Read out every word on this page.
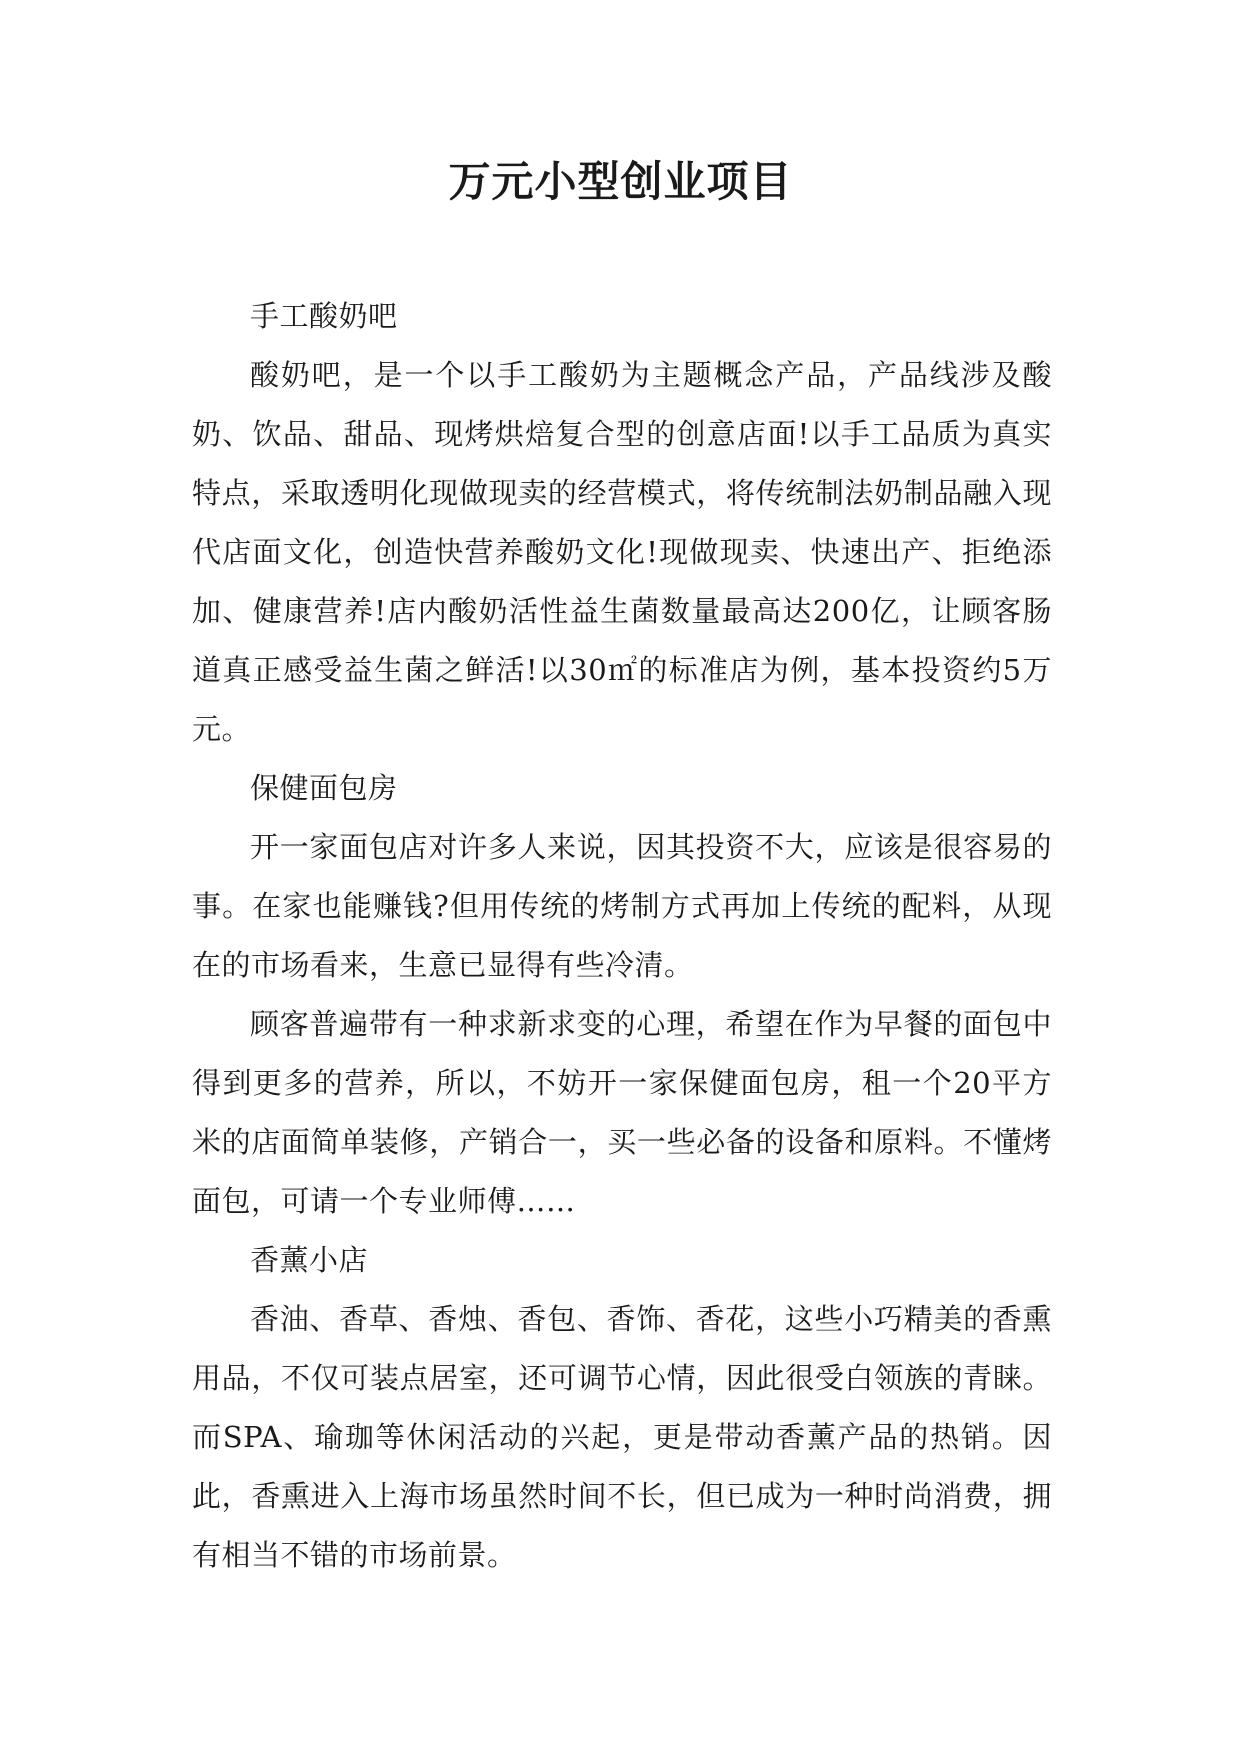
万元小型创业项目

手工酸奶吧

酸奶吧，是一个以手工酸奶为主题概念产品，产品线涉及酸奶、饮品、甜品、现烤烘焙复合型的创意店面!以手工品质为真实特点，采取透明化现做现卖的经营模式，将传统制法奶制品融入现代店面文化，创造快营养酸奶文化!现做现卖、快速出产、拒绝添加、健康营养!店内酸奶活性益生菌数量最高达200亿，让顾客肠道真正感受益生菌之鲜活!以30㎡的标准店为例，基本投资约5万元。

保健面包房

开一家面包店对许多人来说，因其投资不大，应该是很容易的事。在家也能赚钱?但用传统的烤制方式再加上传统的配料，从现在的市场看来，生意已显得有些冷清。

顾客普遍带有一种求新求变的心理，希望在作为早餐的面包中得到更多的营养，所以，不妨开一家保健面包房，租一个20平方米的店面简单装修，产销合一，买一些必备的设备和原料。不懂烤面包，可请一个专业师傅……

香薰小店

香油、香草、香烛、香包、香饰、香花，这些小巧精美的香熏用品，不仅可装点居室，还可调节心情，因此很受白领族的青睐。而SPA、瑜珈等休闲活动的兴起，更是带动香薰产品的热销。因此，香熏进入上海市场虽然时间不长，但已成为一种时尚消费，拥有相当不错的市场前景。
